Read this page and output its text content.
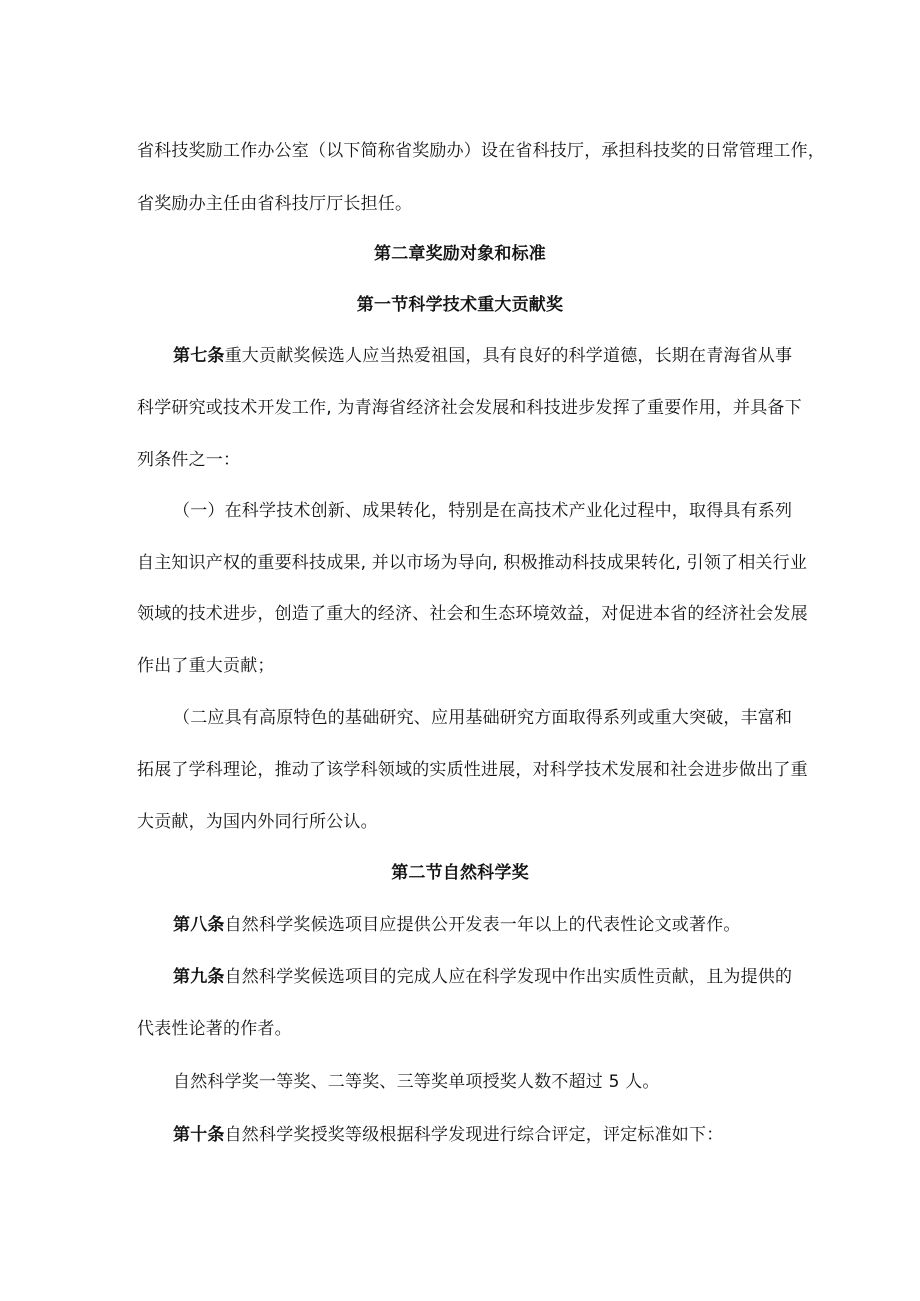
省科技奖励工作办公室（以下简称省奖励办）设在省科技厅，承担科技奖的日常管理工作，
省奖励办主任由省科技厅厅长担任。
第二章奖励对象和标准
第一节科学技术重大贡献奖
第七条重大贡献奖候选人应当热爱祖国，具有良好的科学道德，长期在青海省从事
科学研究或技术开发工作, 为青海省经济社会发展和科技进步发挥了重要作用，并具备下
列条件之一：
（一）在科学技术创新、成果转化，特别是在高技术产业化过程中，取得具有系列
自主知识产权的重要科技成果, 并以市场为导向, 积极推动科技成果转化, 引领了相关行业
领域的技术进步，创造了重大的经济、社会和生态环境效益，对促进本省的经济社会发展
作出了重大贡献；
（二应具有高原特色的基础研究、应用基础研究方面取得系列或重大突破，丰富和
拓展了学科理论，推动了该学科领域的实质性进展，对科学技术发展和社会进步做出了重
大贡献，为国内外同行所公认。
第二节自然科学奖
第八条自然科学奖候选项目应提供公开发表一年以上的代表性论文或著作。
第九条自然科学奖候选项目的完成人应在科学发现中作出实质性贡献，且为提供的
代表性论著的作者。
自然科学奖一等奖、二等奖、三等奖单项授奖人数不超过 5 人。
第十条自然科学奖授奖等级根据科学发现进行综合评定，评定标准如下：
